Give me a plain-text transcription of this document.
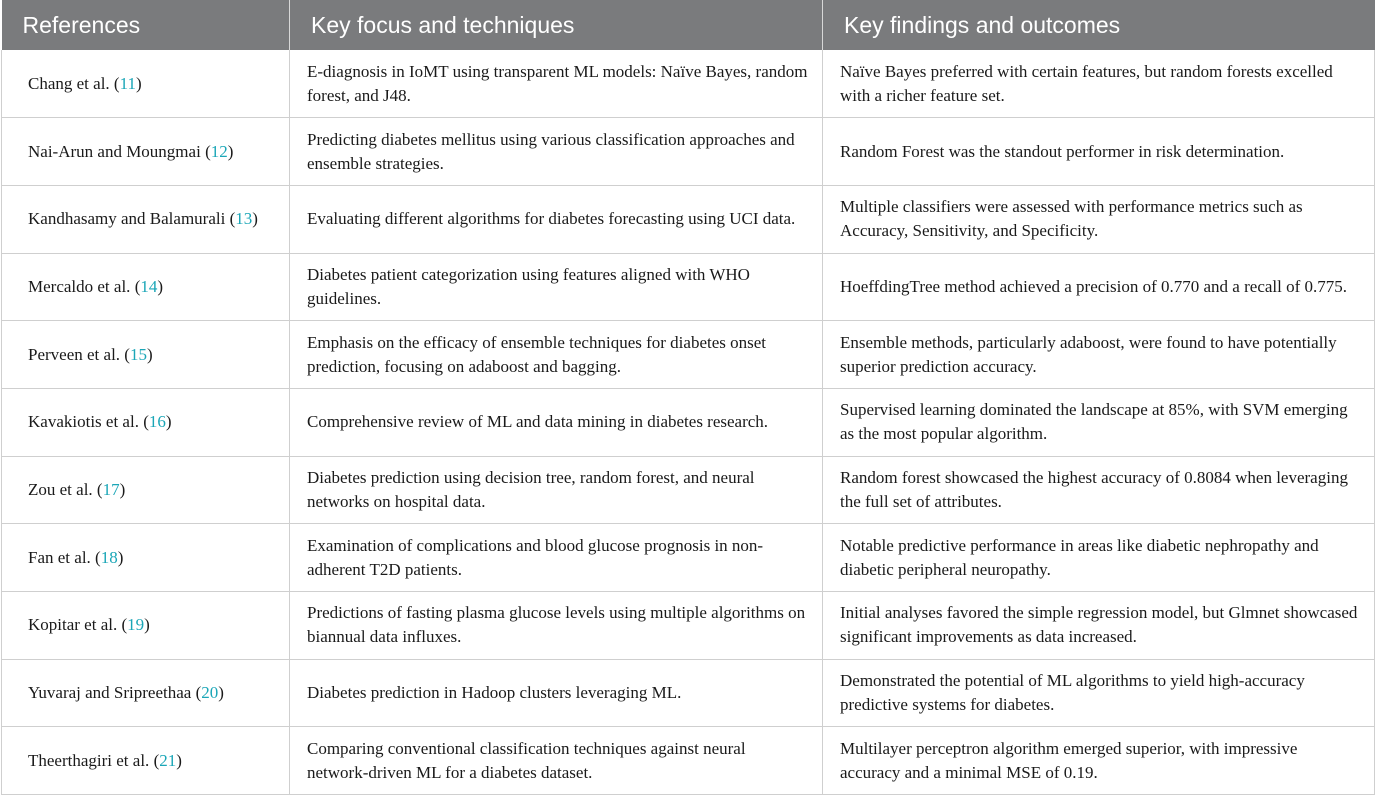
References	Key focus and techniques	Key findings and outcomes
Chang et al. (11)	E-diagnosis in IoMT using transparent ML models: Naïve Bayes, random forest, and J48.	Naïve Bayes preferred with certain features, but random forests excelled with a richer feature set.
Nai-Arun and Moungmai (12)	Predicting diabetes mellitus using various classification approaches and ensemble strategies.	Random Forest was the standout performer in risk determination.
Kandhasamy and Balamurali (13)	Evaluating different algorithms for diabetes forecasting using UCI data.	Multiple classifiers were assessed with performance metrics such as Accuracy, Sensitivity, and Specificity.
Mercaldo et al. (14)	Diabetes patient categorization using features aligned with WHO guidelines.	HoeffdingTree method achieved a precision of 0.770 and a recall of 0.775.
Perveen et al. (15)	Emphasis on the efficacy of ensemble techniques for diabetes onset prediction, focusing on adaboost and bagging.	Ensemble methods, particularly adaboost, were found to have potentially superior prediction accuracy.
Kavakiotis et al. (16)	Comprehensive review of ML and data mining in diabetes research.	Supervised learning dominated the landscape at 85%, with SVM emerging as the most popular algorithm.
Zou et al. (17)	Diabetes prediction using decision tree, random forest, and neural networks on hospital data.	Random forest showcased the highest accuracy of 0.8084 when leveraging the full set of attributes.
Fan et al. (18)	Examination of complications and blood glucose prognosis in non-adherent T2D patients.	Notable predictive performance in areas like diabetic nephropathy and diabetic peripheral neuropathy.
Kopitar et al. (19)	Predictions of fasting plasma glucose levels using multiple algorithms on biannual data influxes.	Initial analyses favored the simple regression model, but Glmnet showcased significant improvements as data increased.
Yuvaraj and Sripreethaa (20)	Diabetes prediction in Hadoop clusters leveraging ML.	Demonstrated the potential of ML algorithms to yield high-accuracy predictive systems for diabetes.
Theerthagiri et al. (21)	Comparing conventional classification techniques against neural network-driven ML for a diabetes dataset.	Multilayer perceptron algorithm emerged superior, with impressive accuracy and a minimal MSE of 0.19.
